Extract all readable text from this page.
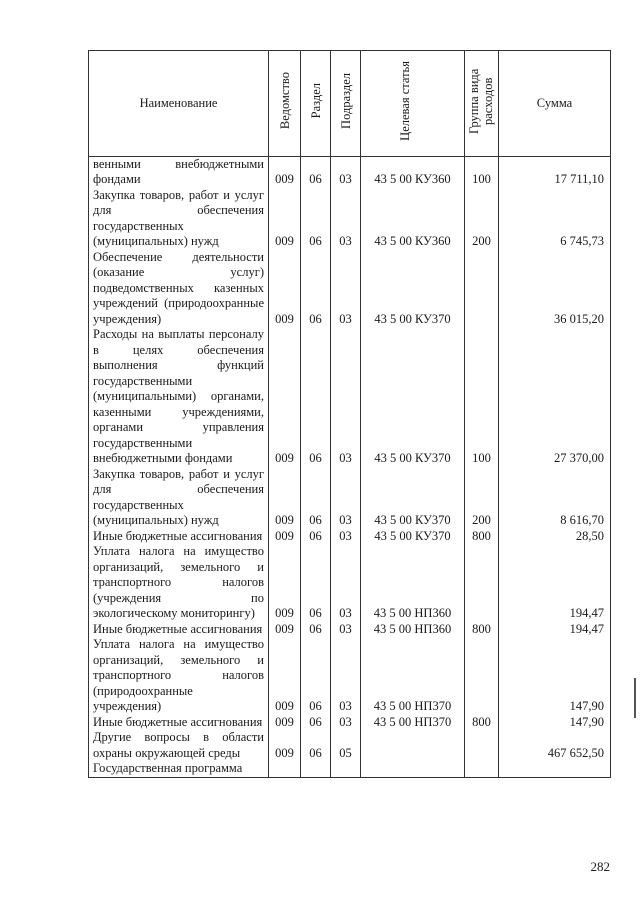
Наименование	Ведомство	Раздел	Подраздел	Целевая статья	Группа вида расходов	Сумма
венными внебюджетными фондами	009	06	03	43 5 00 КУ360	100	17 711,10
Закупка товаров, работ и услуг для обеспечения государственных (муниципальных) нужд	009	06	03	43 5 00 КУ360	200	6 745,73
Обеспечение деятельности (оказание услуг) подведомственных казенных учреждений (природоохранные учреждения)	009	06	03	43 5 00 КУ370		36 015,20
Расходы на выплаты персоналу в целях обеспечения выполнения функций государственными (муниципальными) органами, казенными учреждениями, органами управления государственными внебюджетными фондами	009	06	03	43 5 00 КУ370	100	27 370,00
Закупка товаров, работ и услуг для обеспечения государственных (муниципальных) нужд	009	06	03	43 5 00 КУ370	200	8 616,70
Иные бюджетные ассигнования	009	06	03	43 5 00 КУ370	800	28,50
Уплата налога на имущество организаций, земельного и транспортного налогов (учреждения по экологическому мониторингу)	009	06	03	43 5 00 НП360		194,47
Иные бюджетные ассигнования	009	06	03	43 5 00 НП360	800	194,47
Уплата налога на имущество организаций, земельного и транспортного налогов (природоохранные учреждения)	009	06	03	43 5 00 НП370		147,90
Иные бюджетные ассигнования	009	06	03	43 5 00 НП370	800	147,90
Другие вопросы в области охраны окружающей среды	009	06	05			467 652,50
Государственная программа						
282
